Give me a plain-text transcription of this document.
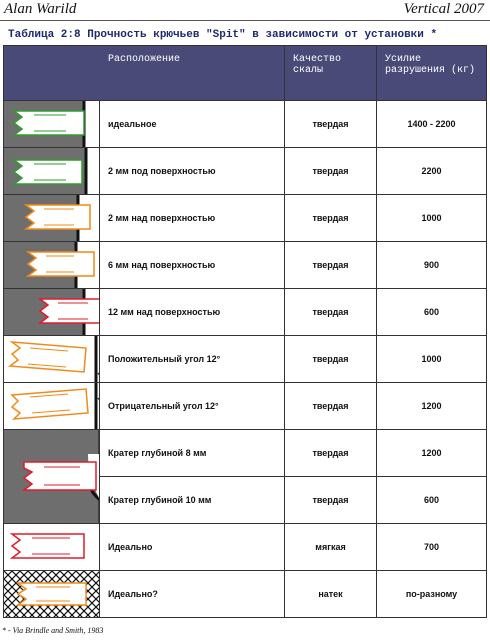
Alan Warild	Vertical 2007
Таблица 2:8 Прочность крючьев "Spit" в зависимости от установки *
Расположение		Качество скалы	Усилие разрушения (кг)

	идеальное	твердая	1400 - 2200

	2 мм под поверхностью	твердая	2200

	2 мм над поверхностью	твердая	1000

	6 мм над поверхностью	твердая	900

	12 мм над поверхностью	твердая	600

	Положительный угол 12°	твердая	1000

	Отрицательный угол 12°	твердая	1200

	Кратер глубиной 8 мм	твердая	1200
	Кратер глубиной 10 мм	твердая	600

	Идеально	мягкая	700

	Идеально?	натек	по-разному
* - Via Brindle and Smith, 1983
